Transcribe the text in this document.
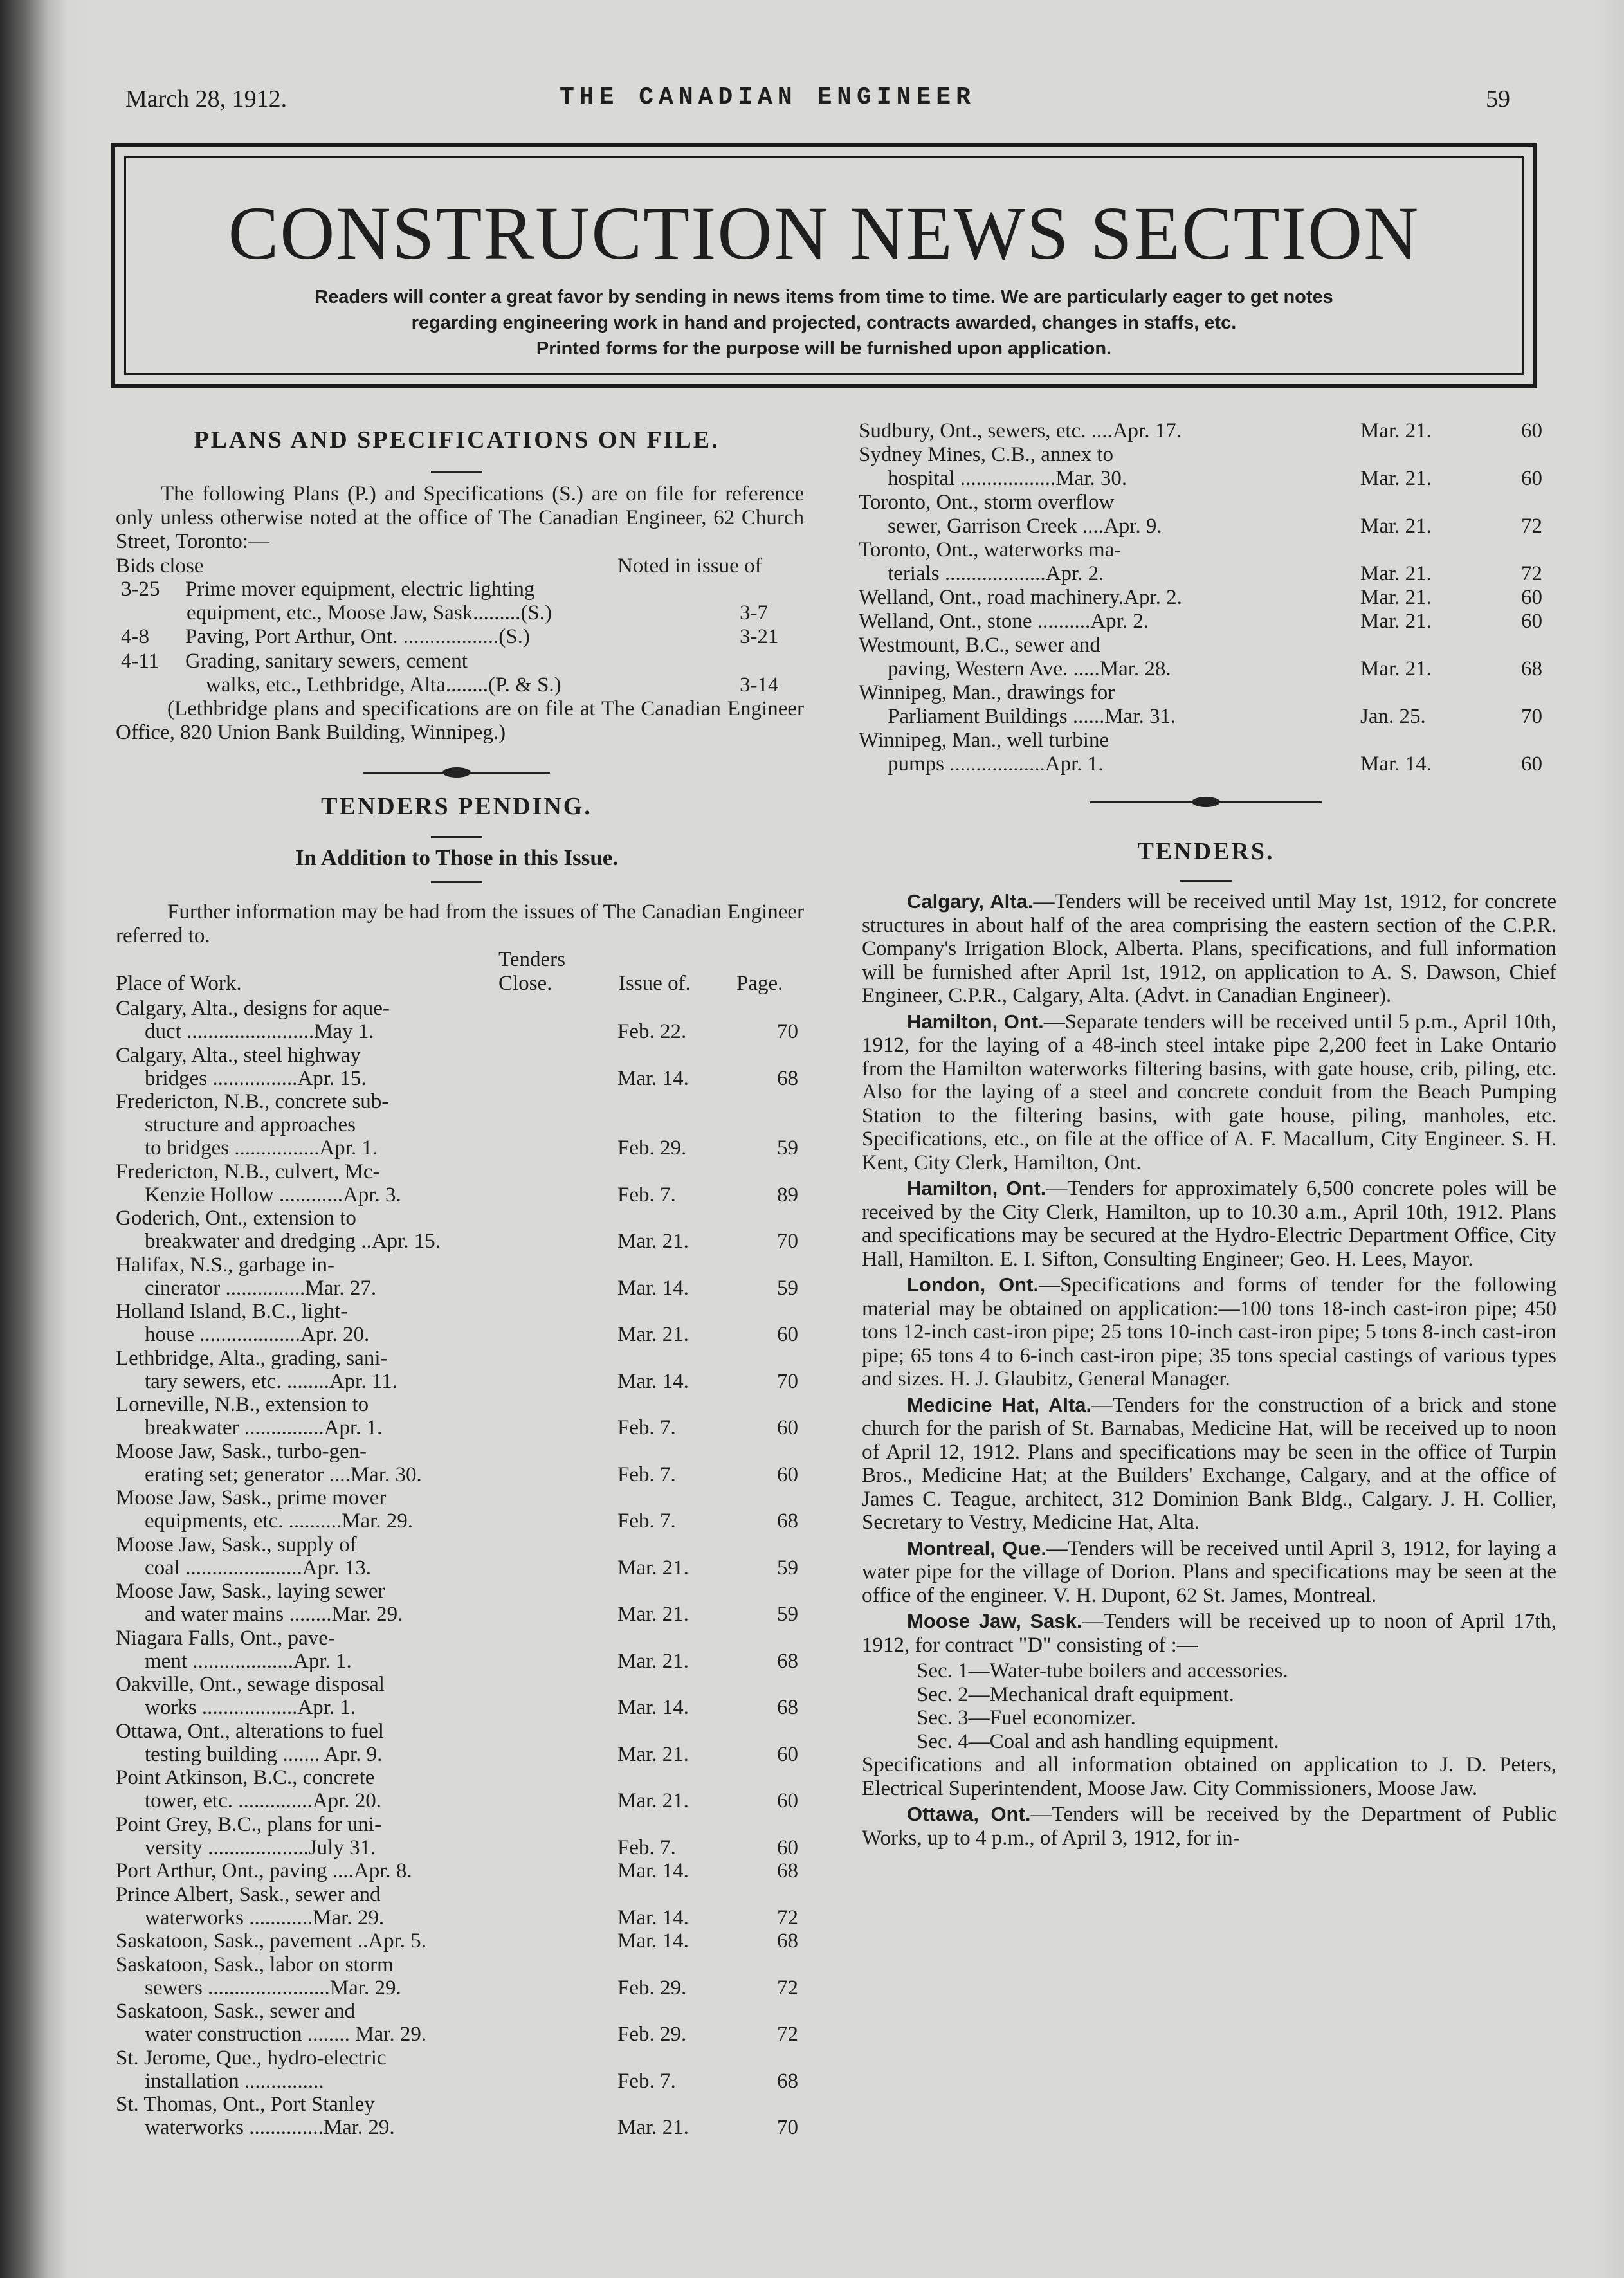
March 28, 1912.	THE CANADIAN ENGINEER	59
CONSTRUCTION NEWS SECTION
Readers will conter a great favor by sending in news items from time to time. We are particularly eager to get notes
regarding engineering work in hand and projected, contracts awarded, changes in staffs, etc.
Printed forms for the purpose will be furnished upon application.
PLANS AND SPECIFICATIONS ON FILE.
The following Plans (P.) and Specifications (S.) are on file for reference only unless otherwise noted at the office of The Canadian Engineer, 62 Church Street, Toronto:—
Bids close	Noted in issue of
3-25 Prime mover equipment, electric lighting
equipment, etc., Moose Jaw, Sask.........(S.)	3-7
4-8 Paving, Port Arthur, Ont. ..................(S.)	3-21
4-11 Grading, sanitary sewers, cement
walks, etc., Lethbridge, Alta........(P. & S.)	3-14
(Lethbridge plans and specifications are on file at The Canadian Engineer Office, 820 Union Bank Building, Winnipeg.)
TENDERS PENDING.
In Addition to Those in this Issue.
Further information may be had from the issues of The Canadian Engineer referred to.
Tenders
Place of Work.	Close.	Issue of. Page.
Calgary, Alta., designs for aque-
duct ........................May 1.	Feb. 22.	70
Calgary, Alta., steel highway
bridges ................Apr. 15.	Mar. 14.	68
Fredericton, N.B., concrete sub-
structure and approaches
to bridges ................Apr. 1.	Feb. 29.	59
Fredericton, N.B., culvert, Mc-
Kenzie Hollow ............Apr. 3.	Feb. 7.	89
Goderich, Ont., extension to
breakwater and dredging ..Apr. 15.	Mar. 21.	70
Halifax, N.S., garbage in-
cinerator ...............Mar. 27.	Mar. 14.	59
Holland Island, B.C., light-
house ...................Apr. 20.	Mar. 21.	60
Lethbridge, Alta., grading, sani-
tary sewers, etc. ........Apr. 11.	Mar. 14.	70
Lorneville, N.B., extension to
breakwater ...............Apr. 1.	Feb. 7.	60
Moose Jaw, Sask., turbo-gen-
erating set; generator ....Mar. 30.	Feb. 7.	60
Moose Jaw, Sask., prime mover
equipments, etc. ..........Mar. 29.	Feb. 7.	68
Moose Jaw, Sask., supply of
coal ......................Apr. 13.	Mar. 21.	59
Moose Jaw, Sask., laying sewer
and water mains ........Mar. 29.	Mar. 21.	59
Niagara Falls, Ont., pave-
ment ...................Apr. 1.	Mar. 21.	68
Oakville, Ont., sewage disposal
works ..................Apr. 1.	Mar. 14.	68
Ottawa, Ont., alterations to fuel
testing building ....... Apr. 9.	Mar. 21.	60
Point Atkinson, B.C., concrete
tower, etc. ..............Apr. 20.	Mar. 21.	60
Point Grey, B.C., plans for uni-
versity ...................July 31.	Feb. 7.	60
Port Arthur, Ont., paving ....Apr. 8.	Mar. 14.	68
Prince Albert, Sask., sewer and
waterworks ............Mar. 29.	Mar. 14.	72
Saskatoon, Sask., pavement ..Apr. 5.	Mar. 14.	68
Saskatoon, Sask., labor on storm
sewers .......................Mar. 29.	Feb. 29.	72
Saskatoon, Sask., sewer and
water construction ........ Mar. 29.	Feb. 29.	72
St. Jerome, Que., hydro-electric
installation ...............	Feb. 7.	68
St. Thomas, Ont., Port Stanley
waterworks ..............Mar. 29.	Mar. 21.	70
Sudbury, Ont., sewers, etc. ....Apr. 17.	Mar. 21.	60
Sydney Mines, C.B., annex to
hospital ..................Mar. 30.	Mar. 21.	60
Toronto, Ont., storm overflow
sewer, Garrison Creek ....Apr. 9.	Mar. 21.	72
Toronto, Ont., waterworks ma-
terials ...................Apr. 2.	Mar. 21.	72
Welland, Ont., road machinery.Apr. 2.	Mar. 21.	60
Welland, Ont., stone ..........Apr. 2.	Mar. 21.	60
Westmount, B.C., sewer and
paving, Western Ave. .....Mar. 28.	Mar. 21.	68
Winnipeg, Man., drawings for
Parliament Buildings ......Mar. 31.	Jan. 25.	70
Winnipeg, Man., well turbine
pumps ..................Apr. 1.	Mar. 14.	60
TENDERS.

Calgary, Alta.—Tenders will be received until May 1st, 1912, for concrete structures in about half of the area comprising the eastern section of the C.P.R. Company's Irrigation Block, Alberta. Plans, specifications, and full information will be furnished after April 1st, 1912, on application to A. S. Dawson, Chief Engineer, C.P.R., Calgary, Alta. (Advt. in Canadian Engineer).

Hamilton, Ont.—Separate tenders will be received until 5 p.m., April 10th, 1912, for the laying of a 48-inch steel intake pipe 2,200 feet in Lake Ontario from the Hamilton waterworks filtering basins, with gate house, crib, piling, etc. Also for the laying of a steel and concrete conduit from the Beach Pumping Station to the filtering basins, with gate house, piling, manholes, etc. Specifications, etc., on file at the office of A. F. Macallum, City Engineer. S. H. Kent, City Clerk, Hamilton, Ont.

Hamilton, Ont.—Tenders for approximately 6,500 concrete poles will be received by the City Clerk, Hamilton, up to 10.30 a.m., April 10th, 1912. Plans and specifications may be secured at the Hydro-Electric Department Office, City Hall, Hamilton. E. I. Sifton, Consulting Engineer; Geo. H. Lees, Mayor.

London, Ont.—Specifications and forms of tender for the following material may be obtained on application:—100 tons 18-inch cast-iron pipe; 450 tons 12-inch cast-iron pipe; 25 tons 10-inch cast-iron pipe; 5 tons 8-inch cast-iron pipe; 65 tons 4 to 6-inch cast-iron pipe; 35 tons special castings of various types and sizes. H. J. Glaubitz, General Manager.

Medicine Hat, Alta.—Tenders for the construction of a brick and stone church for the parish of St. Barnabas, Medicine Hat, will be received up to noon of April 12, 1912. Plans and specifications may be seen in the office of Turpin Bros., Medicine Hat; at the Builders' Exchange, Calgary, and at the office of James C. Teague, architect, 312 Dominion Bank Bldg., Calgary. J. H. Collier, Secretary to Vestry, Medicine Hat, Alta.

Montreal, Que.—Tenders will be received until April 3, 1912, for laying a water pipe for the village of Dorion. Plans and specifications may be seen at the office of the engineer. V. H. Dupont, 62 St. James, Montreal.

Moose Jaw, Sask.—Tenders will be received up to noon of April 17th, 1912, for contract "D" consisting of :—

Sec. 1—Water-tube boilers and accessories.

Sec. 2—Mechanical draft equipment.

Sec. 3—Fuel economizer.

Sec. 4—Coal and ash handling equipment.

Specifications and all information obtained on application to J. D. Peters, Electrical Superintendent, Moose Jaw. City Commissioners, Moose Jaw.

Ottawa, Ont.—Tenders will be received by the Department of Public Works, up to 4 p.m., of April 3, 1912, for in-
